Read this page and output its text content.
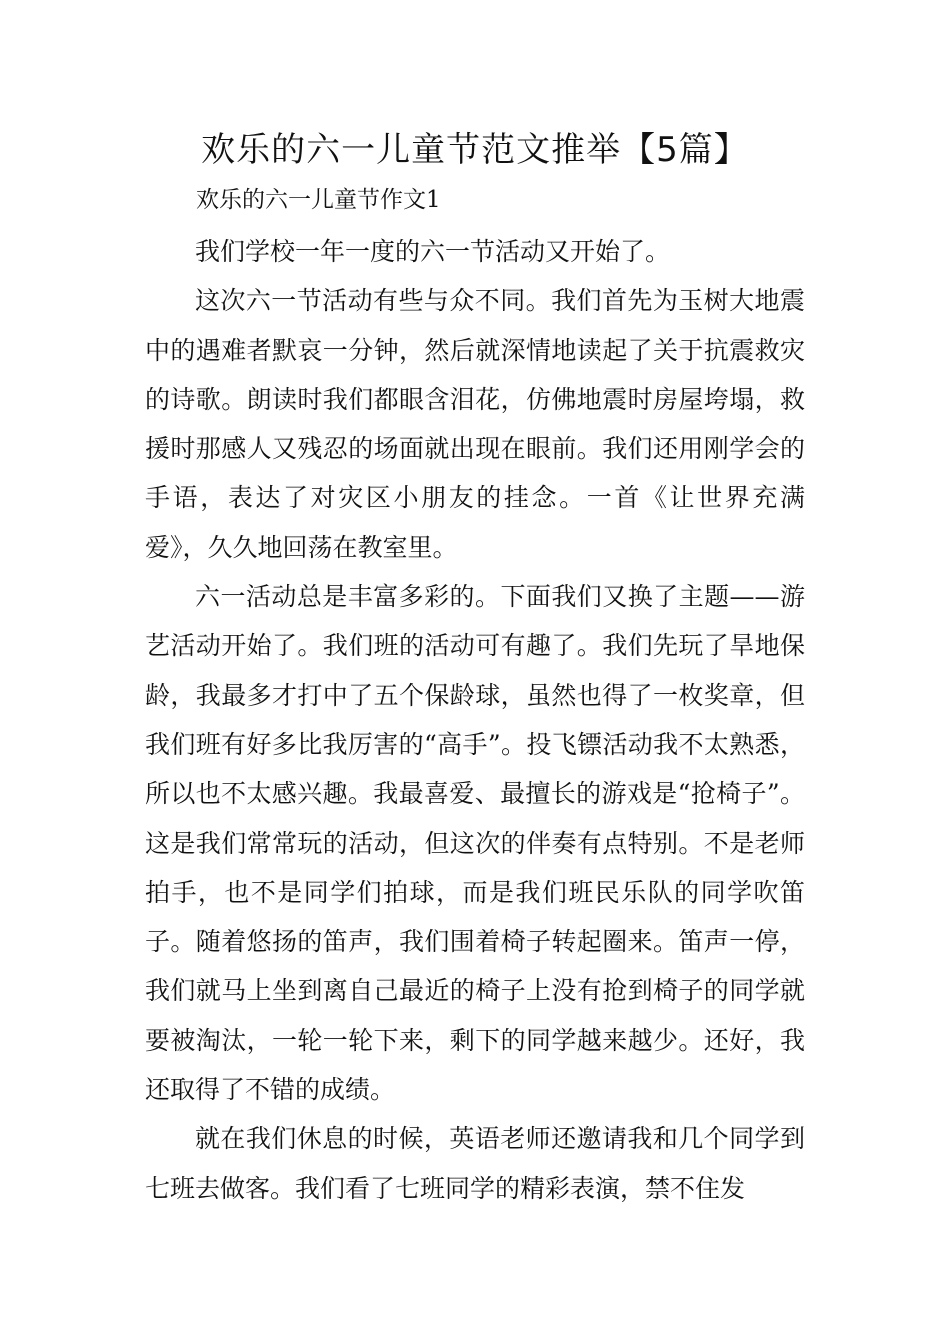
欢乐的六一儿童节范文推举【5篇】

欢乐的六一儿童节作文1

我们学校一年一度的六一节活动又开始了。

这次六一节活动有些与众不同。我们首先为玉树大地震中的遇难者默哀一分钟，然后就深情地读起了关于抗震救灾的诗歌。朗读时我们都眼含泪花，仿佛地震时房屋垮塌，救援时那感人又残忍的场面就出现在眼前。我们还用刚学会的手语，表达了对灾区小朋友的挂念。一首《让世界充满爱》，久久地回荡在教室里。

六一活动总是丰富多彩的。下面我们又换了主题——游艺活动开始了。我们班的活动可有趣了。我们先玩了旱地保龄，我最多才打中了五个保龄球，虽然也得了一枚奖章，但我们班有好多比我厉害的“高手”。投飞镖活动我不太熟悉，所以也不太感兴趣。我最喜爱、最擅长的游戏是“抢椅子”。这是我们常常玩的活动，但这次的伴奏有点特别。不是老师拍手，也不是同学们拍球，而是我们班民乐队的同学吹笛子。随着悠扬的笛声，我们围着椅子转起圈来。笛声一停，我们就马上坐到离自己最近的椅子上没有抢到椅子的同学就要被淘汰，一轮一轮下来，剩下的同学越来越少。还好，我还取得了不错的成绩。

就在我们休息的时候，英语老师还邀请我和几个同学到七班去做客。我们看了七班同学的精彩表演，禁不住发
